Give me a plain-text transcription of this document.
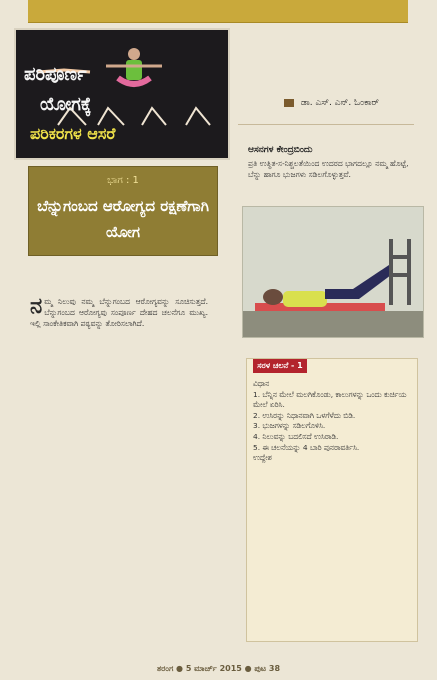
ಪರಿಪೂರ್ಣ
ಯೋಗಕ್ಕೆ
ಪರಿಕರಗಳ ಆಸರೆ
ಭಾಗ : 1
ಬೆನ್ನುಗಂಬದ ಆರೋಗ್ಯದ ರಕ್ಷಣೆಗಾಗಿ ಯೋಗ
ಡಾ. ಎಸ್. ಎನ್. ಓಂಕಾರ್
ಆಸನಗಳ ಕೇಂದ್ರಬಿಂದು
ಪ್ರತಿ ಉತ್ಥಿತ-ಸ-ನಿಶ್ಚಲತೆಯಿಂದ ಉದರದ ಭಾಗದಲ್ಲೂ ನಮ್ಮ ಹೊಟ್ಟೆ, ಬೆನ್ನು ಹಾಗೂ ಭುಜಗಳು ಸಡಿಲಗೊಳ್ಳುತ್ತವೆ.
ನ ಮ್ಮ ನಿಲುವು ನಮ್ಮ ಬೆನ್ನುಗಂಬದ ಆರೋಗ್ಯವನ್ನು ಸೂಚಿಸುತ್ತದೆ. ಬೆನ್ನುಗಂಬದ ಆರೋಗ್ಯವು ಸಂಪೂರ್ಣ ದೇಹದ ಚಲನೆಗೂ ಮುಖ್ಯ. ಇಲ್ಲಿ ಸಾಂಕೇತಿಕವಾಗಿ ಪಠ್ಯವನ್ನು ತೋರಿಸಲಾಗಿದೆ.
ಸರಳ ಚಲನೆ - 1
ವಿಧಾನ
1. ಬೆನ್ನಿನ ಮೇಲೆ ಮಲಗಿಕೊಂಡು, ಕಾಲುಗಳನ್ನು ಒಂದು ಕುರ್ಚಿಯ ಮೇಲೆ ಏರಿಸಿ.
2. ಉಸಿರನ್ನು ನಿಧಾನವಾಗಿ ಒಳಗೆಳೆದು ಬಿಡಿ.
3. ಭುಜಗಳನ್ನು ಸಡಿಲಗೊಳಿಸಿ.
4. ನಿಲುವನ್ನು ಬದಲಿಸದೆ ಉಸಿರಾಡಿ.
5. ಈ ಚಲನೆಯನ್ನು 4 ಬಾರಿ ಪುನರಾವರ್ತಿಸಿ.
ಉದ್ದೇಶ
ತರಂಗ ● 5 ಮಾರ್ಚ್ 2015 ● ಪುಟ 38
